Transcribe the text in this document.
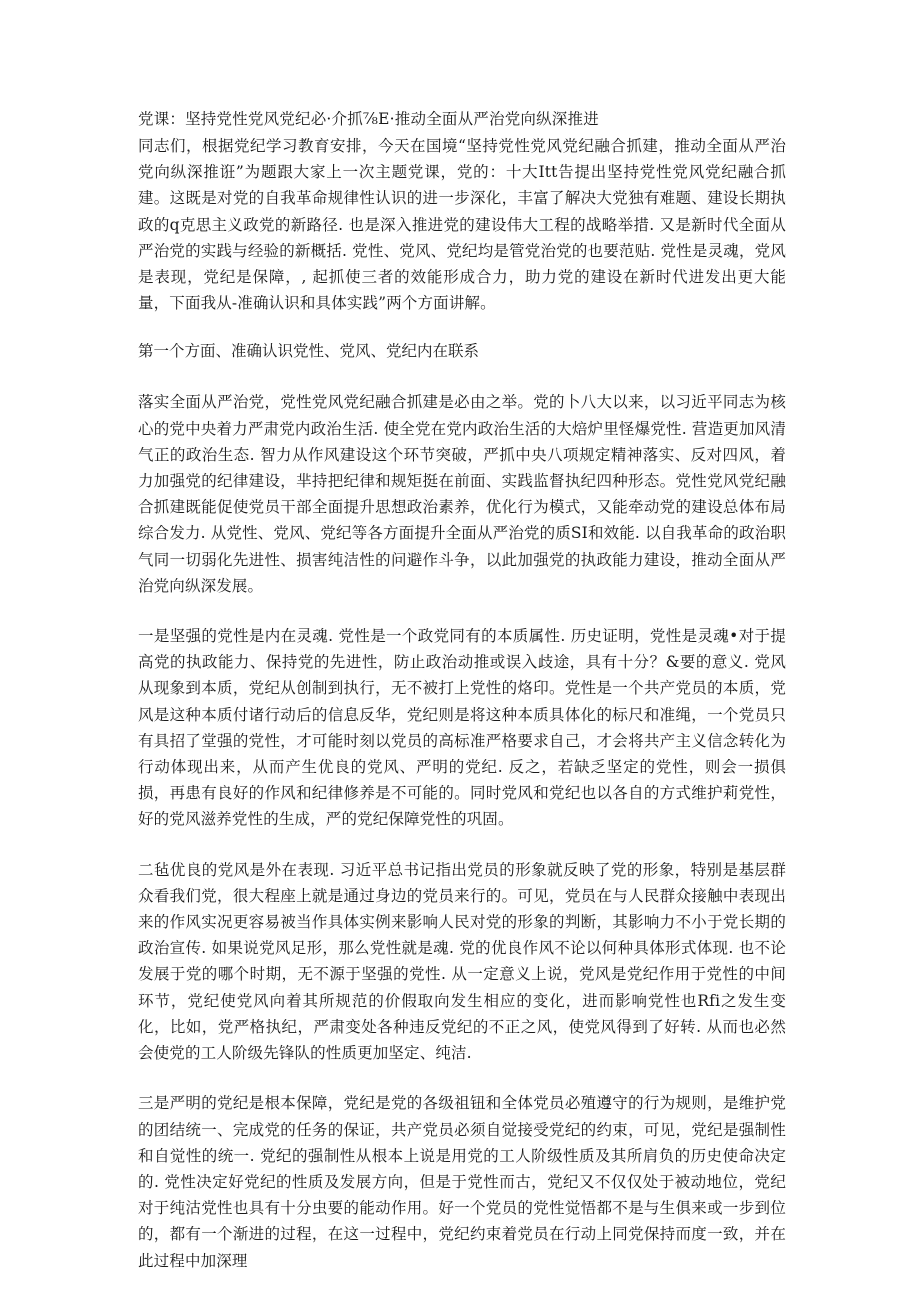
党课：坚持党性党风党纪必·介抓⅞E·推动全面从严治党向纵深推进

同志们，根据党纪学习教育安排，今天在国境“坚持党性党风党纪融合抓建，推动全面从严治党向纵深推诳”为题跟大家上一次主题党课，党的：十大Itt告提出坚持党性党风党纪融合抓建。这既是对党的自我革命规律性认识的进一步深化，丰富了解决大党独有难题、建设长期执政的q克思主义政党的新路径. 也是深入推进党的建设伟大工程的战略举措. 又是新时代全面从严治党的实践与经验的新概括. 党性、党风、党纪均是管党治党的也要范贴. 党性是灵魂，党风是表现，党纪是保障，, 起抓使三者的效能形成合力，助力党的建设在新时代进发出更大能量，下面我从-准确认识和具体实践”两个方面讲解。

第一个方面、准确认识党性、党风、党纪内在联系

落实全面从严治党，党性党风党纪融合抓建是必由之举。党的卜八大以来，以习近平同志为核心的党中央着力严肃党内政治生活. 使全党在党内政治生活的大焙炉里怪爆党性. 营造更加风清气正的政治生态. 智力从作风建设这个环节突破，严抓中央八项规定精神落实、反对四风，着力加强党的纪律建设，芈持把纪律和规矩挺在前面、实践监督执纪四种形态。党性党风党纪融合抓建既能促使党员干部全面提升思想政治素养，优化行为模式，又能牵动党的建设总体布局综合发力. 从党性、党风、党纪等各方面提升全面从严治党的质SI和效能. 以自我革命的政治职气同一切弱化先进性、损害纯洁性的问避作斗争，以此加强党的执政能力建设，推动全面从严治党向纵深发展。

一是坚强的党性是内在灵魂. 党性是一个政党同有的本质属性. 历史证明，党性是灵魂•对于提高党的执政能力、保持党的先进性，防止政治动推或误入歧途，具有十分？&要的意义. 党风从现象到本质，党纪从创制到执行，无不被打上党性的烙印。党性是一个共产党员的本质，党风是这种本质付诸行动后的信息反华，党纪则是将这种本质具体化的标尺和准绳，一个党员只有具招了堂强的党性，才可能时刻以党员的高标准严格要求自己，才会将共产主义信念转化为行动体现出来，从而产生优良的党风、严明的党纪. 反之，若缺乏坚定的党性，则会一损俱损，再患有良好的作风和纪律修养是不可能的。同时党风和党纪也以各自的方式维护莉党性，好的党风滋养党性的生成，严的党纪保障党性的巩固。

二毡优良的党风是外在表现. 习近平总书记指出党员的形象就反映了党的形象，特别是基层群众看我们党，很大程座上就是通过身边的党员来行的。可见，党员在与人民群众接触中表现出来的作风实况更容易被当作具体实例来影响人民对党的形象的判断，其影响力不小于党长期的政治宣传. 如果说党风足形，那么党性就是魂. 党的优良作风不论以何种具体形式体现. 也不论发展于党的哪个时期，无不源于坚强的党性. 从一定意义上说，党风是党纪作用于党性的中间环节，党纪使党风向着其所规范的价假取向发生相应的变化，进而影响党性也Rfi之发生变化，比如，党严格执纪，严肃变处各种违反党纪的不正之风，使党风得到了好转. 从而也必然会使党的工人阶级先锋队的性质更加坚定、纯洁.

三是严明的党纪是根本保障，党纪是党的各级祖钮和全体党员必殖遵守的行为规则，是维护党的团结统一、完成党的任务的保证，共产党员必须自觉接受党纪的约束，可见，党纪是强制性和自觉性的统一. 党纪的强制性从根本上说是用党的工人阶级性质及其所肩负的历史使命决定的. 党性决定好党纪的性质及发展方向，但是于党性而古，党纪又不仅仅处于被动地位，党纪对于纯沽党性也具有十分虫要的能动作用。好一个党员的党性觉悟都不是与生俱来或一步到位的，都有一个渐进的过程，在这一过程中，党纪约束着党员在行动上同党保持而度一致，并在此过程中加深理
